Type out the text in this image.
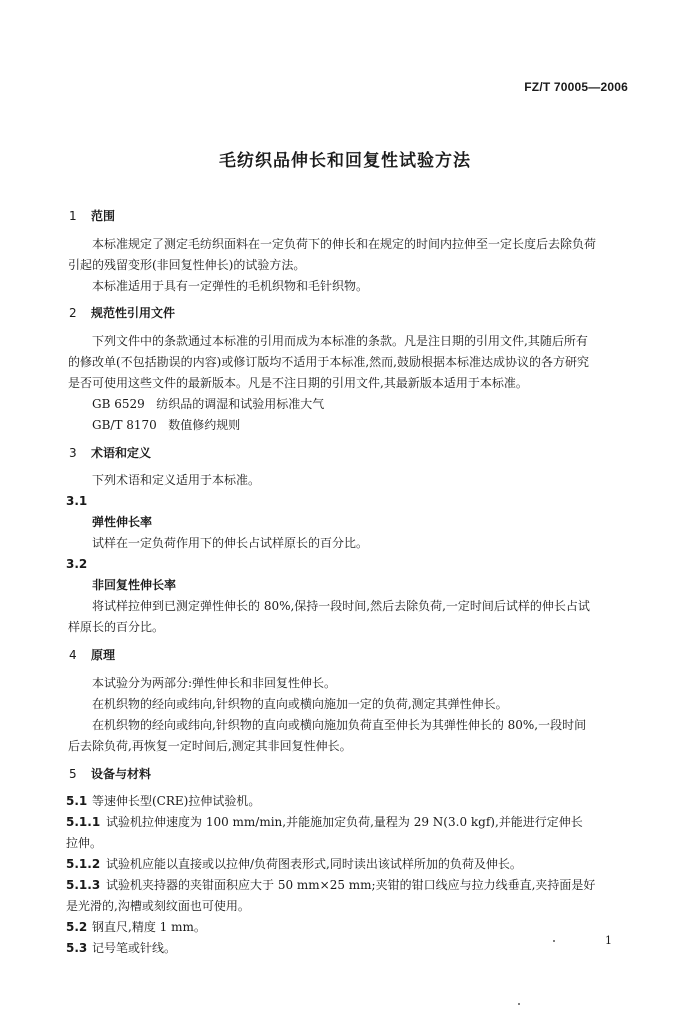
FZ/T 70005—2006
毛纺织品伸长和回复性试验方法
1 范围
本标准规定了测定毛纺织面料在一定负荷下的伸长和在规定的时间内拉伸至一定长度后去除负荷
引起的残留变形(非回复性伸长)的试验方法。
本标准适用于具有一定弹性的毛机织物和毛针织物。
2 规范性引用文件
下列文件中的条款通过本标准的引用而成为本标准的条款。凡是注日期的引用文件,其随后所有
的修改单(不包括勘误的内容)或修订版均不适用于本标准,然而,鼓励根据本标准达成协议的各方研究
是否可使用这些文件的最新版本。凡是不注日期的引用文件,其最新版本适用于本标准。
GB 6529 纺织品的调湿和试验用标准大气
GB/T 8170 数值修约规则
3 术语和定义
下列术语和定义适用于本标准。
3.1
弹性伸长率
试样在一定负荷作用下的伸长占试样原长的百分比。
3.2
非回复性伸长率
将试样拉伸到已测定弹性伸长的 80%,保持一段时间,然后去除负荷,一定时间后试样的伸长占试
样原长的百分比。
4 原理
本试验分为两部分:弹性伸长和非回复性伸长。
在机织物的经向或纬向,针织物的直向或横向施加一定的负荷,测定其弹性伸长。
在机织物的经向或纬向,针织物的直向或横向施加负荷直至伸长为其弹性伸长的 80%,一段时间
后去除负荷,再恢复一定时间后,测定其非回复性伸长。
5 设备与材料
5.1 等速伸长型(CRE)拉伸试验机。
5.1.1 试验机拉伸速度为 100 mm/min,并能施加定负荷,量程为 29 N(3.0 kgf),并能进行定伸长
拉伸。
5.1.2 试验机应能以直接或以拉伸/负荷图表形式,同时读出该试样所加的负荷及伸长。
5.1.3 试验机夹持器的夹钳面积应大于 50 mm×25 mm;夹钳的钳口线应与拉力线垂直,夹持面是好
是光滑的,沟槽或刻纹面也可使用。
5.2 钢直尺,精度 1 mm。
5.3 记号笔或针线。
1
